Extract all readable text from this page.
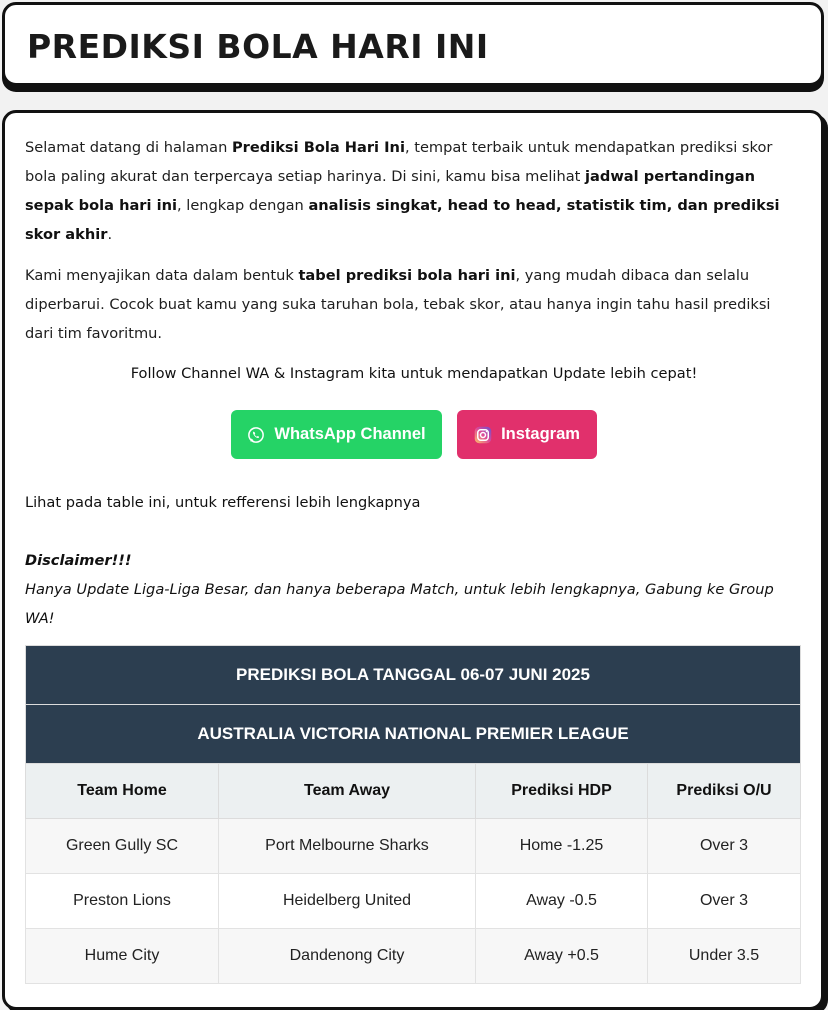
PREDIKSI BOLA HARI INI

Selamat datang di halaman Prediksi Bola Hari Ini, tempat terbaik untuk mendapatkan prediksi skor bola paling akurat dan terpercaya setiap harinya. Di sini, kamu bisa melihat jadwal pertandingan sepak bola hari ini, lengkap dengan analisis singkat, head to head, statistik tim, dan prediksi skor akhir.

Kami menyajikan data dalam bentuk tabel prediksi bola hari ini, yang mudah dibaca dan selalu diperbarui. Cocok buat kamu yang suka taruhan bola, tebak skor, atau hanya ingin tahu hasil prediksi dari tim favoritmu.

Follow Channel WA & Instagram kita untuk mendapatkan Update lebih cepat!

WhatsApp Channel	Instagram

Lihat pada table ini, untuk refferensi lebih lengkapnya

Disclaimer!!!
Hanya Update Liga-Liga Besar, dan hanya beberapa Match, untuk lebih lengkapnya, Gabung ke Group WA!
PREDIKSI BOLA TANGGAL 06-07 JUNI 2025			
AUSTRALIA VICTORIA NATIONAL PREMIER LEAGUE			
Team Home	Team Away	Prediksi HDP	Prediksi O/U
Green Gully SC	Port Melbourne Sharks	Home -1.25	Over 3
Preston Lions	Heidelberg United	Away -0.5	Over 3
Hume City	Dandenong City	Away +0.5	Under 3.5
